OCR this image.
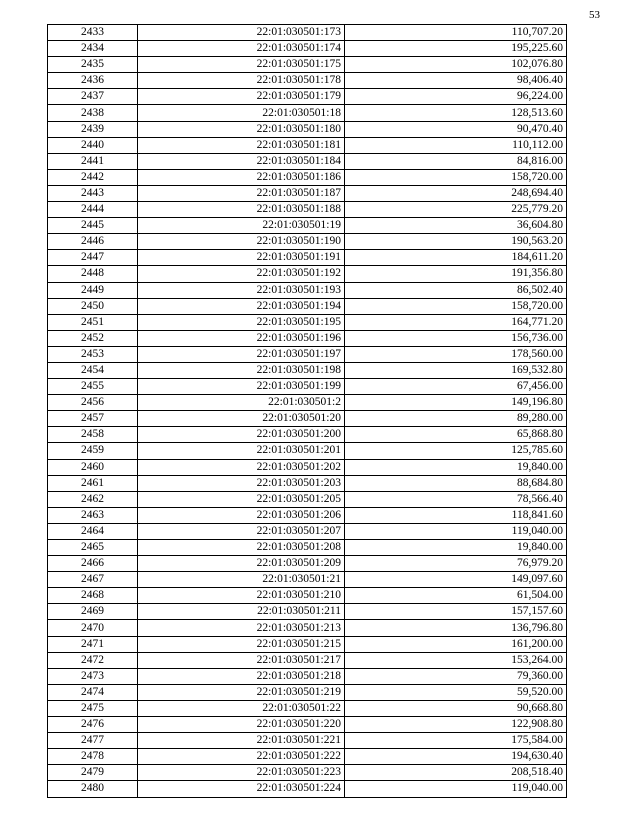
53
2433	22:01:030501:173	110,707.20
2434	22:01:030501:174	195,225.60
2435	22:01:030501:175	102,076.80
2436	22:01:030501:178	98,406.40
2437	22:01:030501:179	96,224.00
2438	22:01:030501:18	128,513.60
2439	22:01:030501:180	90,470.40
2440	22:01:030501:181	110,112.00
2441	22:01:030501:184	84,816.00
2442	22:01:030501:186	158,720.00
2443	22:01:030501:187	248,694.40
2444	22:01:030501:188	225,779.20
2445	22:01:030501:19	36,604.80
2446	22:01:030501:190	190,563.20
2447	22:01:030501:191	184,611.20
2448	22:01:030501:192	191,356.80
2449	22:01:030501:193	86,502.40
2450	22:01:030501:194	158,720.00
2451	22:01:030501:195	164,771.20
2452	22:01:030501:196	156,736.00
2453	22:01:030501:197	178,560.00
2454	22:01:030501:198	169,532.80
2455	22:01:030501:199	67,456.00
2456	22:01:030501:2	149,196.80
2457	22:01:030501:20	89,280.00
2458	22:01:030501:200	65,868.80
2459	22:01:030501:201	125,785.60
2460	22:01:030501:202	19,840.00
2461	22:01:030501:203	88,684.80
2462	22:01:030501:205	78,566.40
2463	22:01:030501:206	118,841.60
2464	22:01:030501:207	119,040.00
2465	22:01:030501:208	19,840.00
2466	22:01:030501:209	76,979.20
2467	22:01:030501:21	149,097.60
2468	22:01:030501:210	61,504.00
2469	22:01:030501:211	157,157.60
2470	22:01:030501:213	136,796.80
2471	22:01:030501:215	161,200.00
2472	22:01:030501:217	153,264.00
2473	22:01:030501:218	79,360.00
2474	22:01:030501:219	59,520.00
2475	22:01:030501:22	90,668.80
2476	22:01:030501:220	122,908.80
2477	22:01:030501:221	175,584.00
2478	22:01:030501:222	194,630.40
2479	22:01:030501:223	208,518.40
2480	22:01:030501:224	119,040.00
